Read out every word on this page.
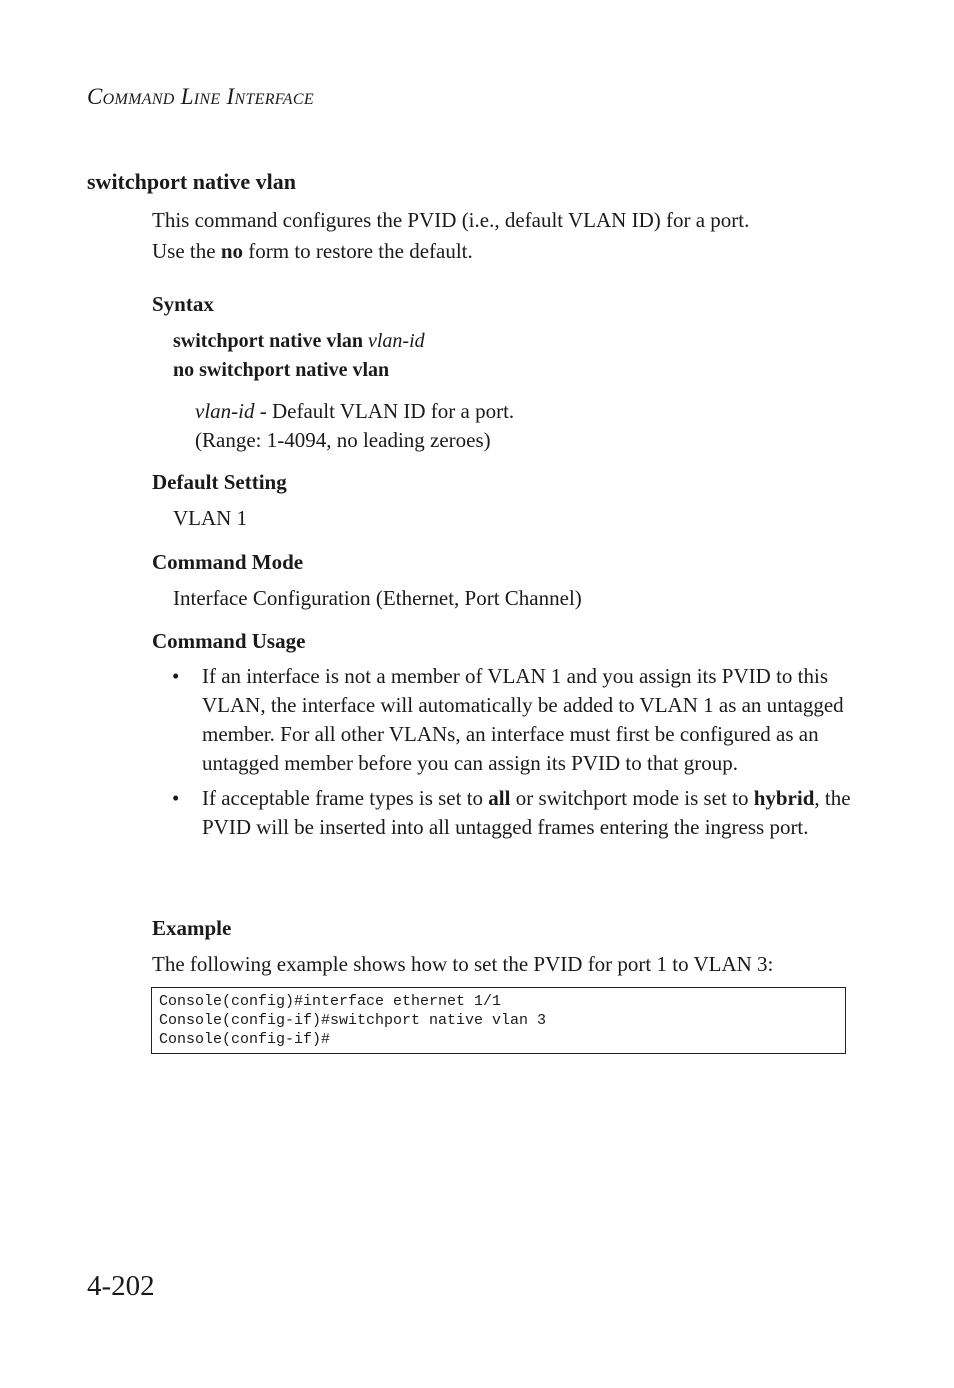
Command Line Interface
switchport native vlan
This command configures the PVID (i.e., default VLAN ID) for a port.
Use the no form to restore the default.
Syntax
switchport native vlan vlan-id
no switchport native vlan
vlan-id - Default VLAN ID for a port.
(Range: 1-4094, no leading zeroes)
Default Setting
VLAN 1
Command Mode
Interface Configuration (Ethernet, Port Channel)
Command Usage
• If an interface is not a member of VLAN 1 and you assign its PVID to this VLAN, the interface will automatically be added to VLAN 1 as an untagged member. For all other VLANs, an interface must first be configured as an untagged member before you can assign its PVID to that group.
• If acceptable frame types is set to all or switchport mode is set to hybrid, the PVID will be inserted into all untagged frames entering the ingress port.
Example
The following example shows how to set the PVID for port 1 to VLAN 3:
Console(config)#interface ethernet 1/1
Console(config-if)#switchport native vlan 3
Console(config-if)#
4-202
